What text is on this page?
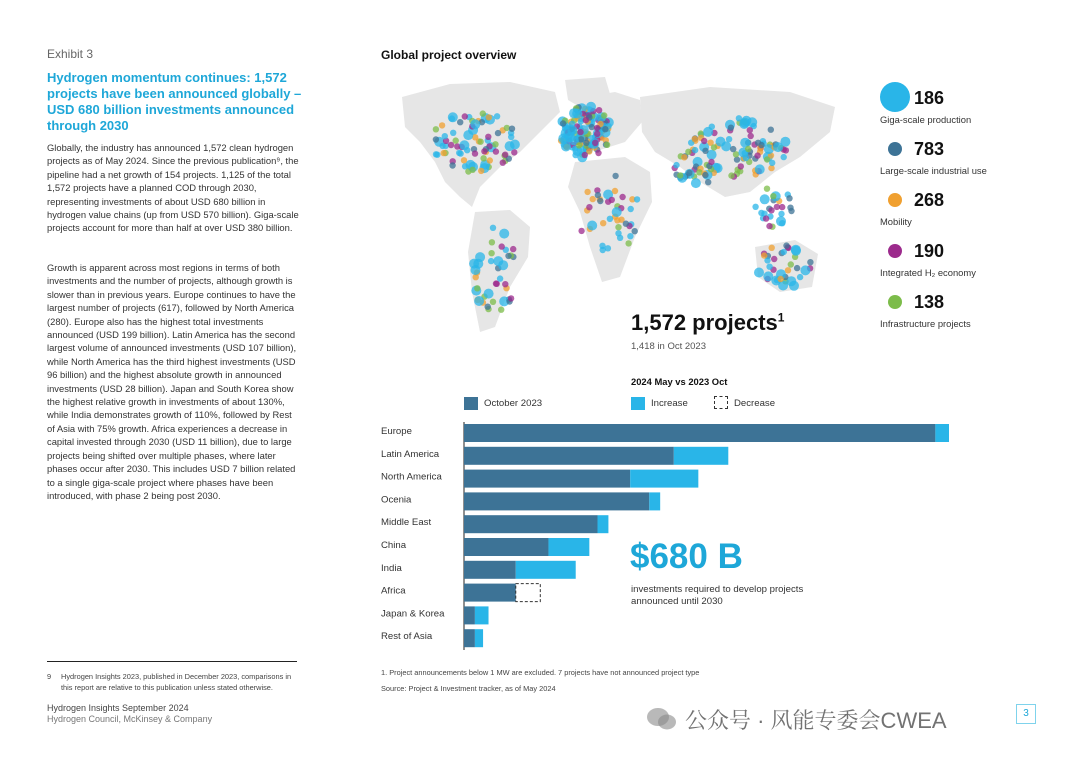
Exhibit 3
Hydrogen momentum continues: 1,572 projects have been announced globally – USD 680 billion investments announced through 2030

Globally, the industry has announced 1,572 clean hydrogen projects as of May 2024. Since the previous publication⁹, the pipeline had a net growth of 154 projects. 1,125 of the total 1,572 projects have a planned COD through 2030, representing investments of about USD 680 billion in hydrogen value chains (up from USD 570 billion). Giga-scale projects account for more than half at over USD 380 billion.

Growth is apparent across most regions in terms of both investments and the number of projects, although growth is slower than in previous years. Europe continues to have the largest number of projects (617), followed by North America (280). Europe also has the highest total investments announced (USD 199 billion). Latin America has the second largest volume of announced investments (USD 107 billion), while North America has the third highest investments (USD 96 billion) and the highest absolute growth in announced investments (USD 28 billion). Japan and South Korea show the highest relative growth in investments of about 130%, while India demonstrates growth of 110%, followed by Rest of Asia with 75% growth. Africa experiences a decrease in capital invested through 2030 (USD 11 billion), due to large projects being shifted over multiple phases, where later phases occur after 2030. This includes USD 7 billion related to a single giga-scale project where phases have been introduced, with phase 2 being post 2030.

9 Hydrogen Insights 2023, published in December 2023, comparisons in this report are relative to this publication unless stated otherwise.
Hydrogen Insights September 2024
Hydrogen Council, McKinsey & Company
Global project overview
186
Giga-scale production
783
Large-scale industrial use
268
Mobility
190
Integrated H₂ economy
138
Infrastructure projects
1,572 projects$^1$
1,418 in Oct 2023
2024 May vs 2023 Oct
October 2023	Increase	Decrease
Europe
Latin America
North America
Ocenia
Middle East
China
India
Africa
Japan & Korea
Rest of Asia
$680 B
investments required to develop projects announced until 2030
1. Project announcements below 1 MW are excluded. 7 projects have not announced project type
Source: Project & Investment tracker, as of May 2024
公众号 · 风能专委会CWEA	3
